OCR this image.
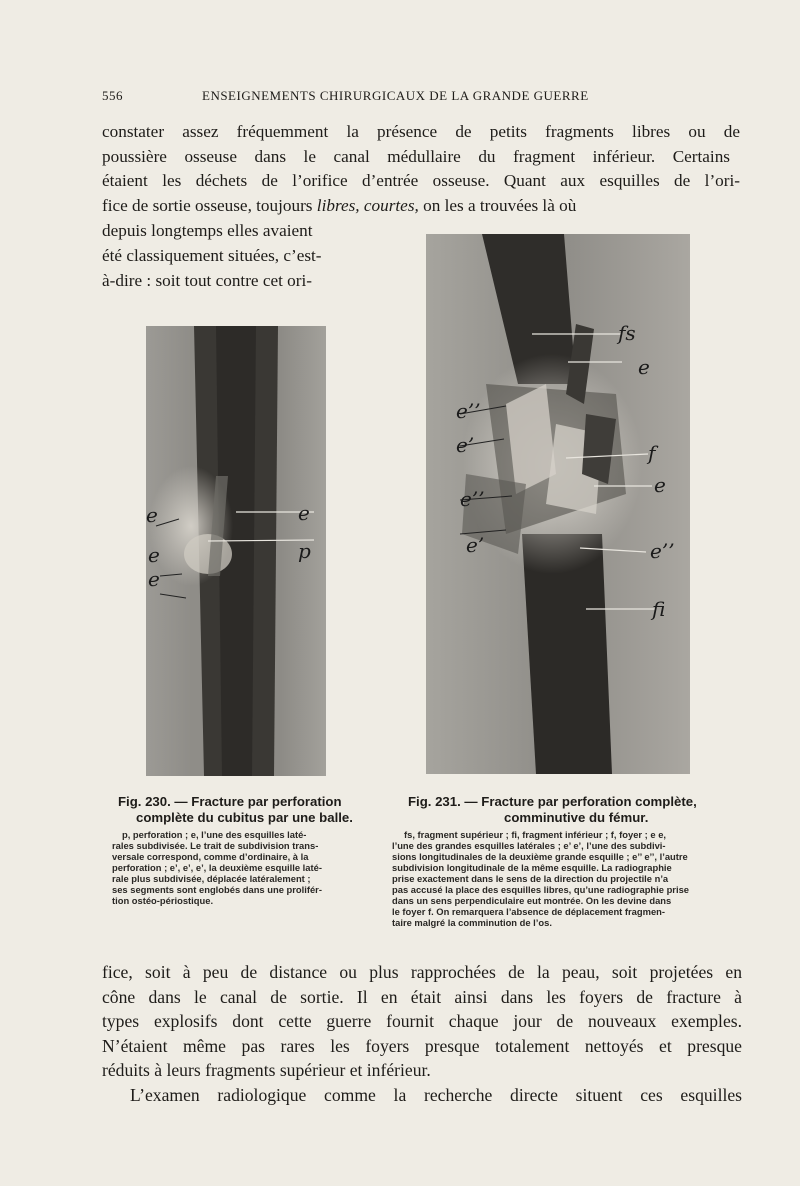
556	ENSEIGNEMENTS CHIRURGICAUX DE LA GRANDE GUERRE
constater assez fréquemment la présence de petits fragments libres ou de
poussière osseuse dans le canal médullaire du fragment inférieur. Certains
étaient les déchets de l’orifice d’entrée osseuse. Quant aux esquilles de l’ori-
fice de sortie osseuse, toujours libres, courtes, on les a trouvées là où
depuis longtemps elles avaient
été classiquement situées, c’est-
à-dire : soit tout contre cet ori-
e
e
e
e
p
fs
e
e’’
e’
e’’
e’
f
e
e’’
fi
Fig. 230. — Fracture par perforation
complète du cubitus par une balle.
p, perforation ; e, l’une des esquilles laté-
rales subdivisée. Le trait de subdivision trans-
versale correspond, comme d’ordinaire, à la
perforation ; e’, e’, e’, la deuxième esquille laté-
rale plus subdivisée, déplacée latéralement ;
ses segments sont englobés dans une prolifér-
tion ostéo-périostique.
Fig. 231. — Fracture par perforation complète,
comminutive du fémur.
fs, fragment supérieur ; fi, fragment inférieur ; f, foyer ; e e,
l’une des grandes esquilles latérales ; e’ e’, l’une des subdivi-
sions longitudinales de la deuxième grande esquille ; e’’ e’’, l’autre
subdivision longitudinale de la même esquille. La radiographie
prise exactement dans le sens de la direction du projectile n’a
pas accusé la place des esquilles libres, qu’une radiographie prise
dans un sens perpendiculaire eut montrée. On les devine dans
le foyer f. On remarquera l’absence de déplacement fragmen-
taire malgré la comminution de l’os.
fice, soit à peu de distance ou plus rapprochées de la peau, soit projetées en
cône dans le canal de sortie. Il en était ainsi dans les foyers de fracture à
types explosifs dont cette guerre fournit chaque jour de nouveaux exemples.
N’étaient même pas rares les foyers presque totalement nettoyés et presque
réduits à leurs fragments supérieur et inférieur.
L’examen radiologique comme la recherche directe situent ces esquilles
